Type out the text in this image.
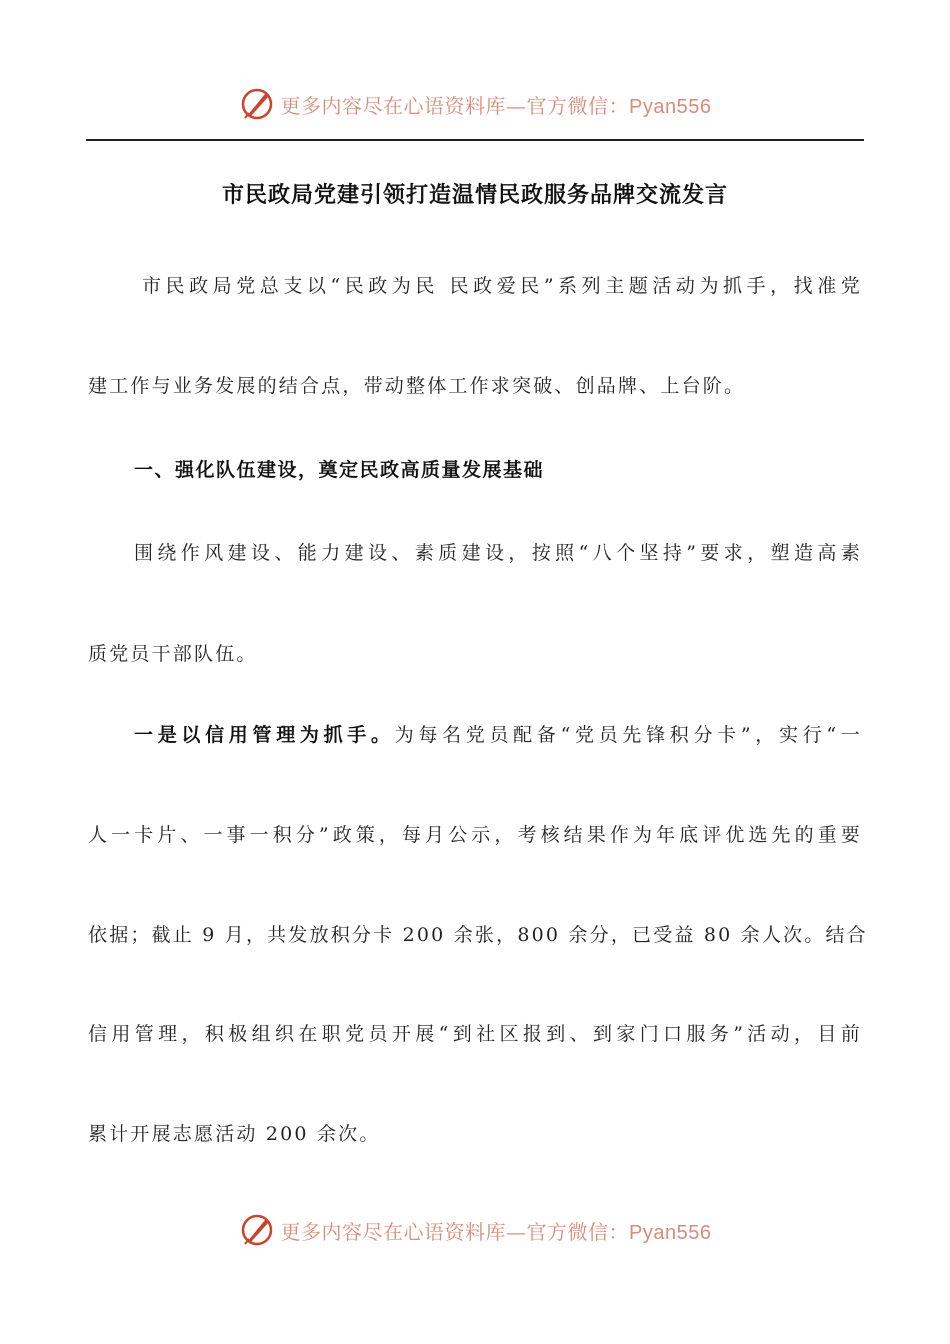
更多内容尽在心语资料库—官方微信：Pyan556
市民政局党建引领打造温情民政服务品牌交流发言
市民政局党总支以“民政为民 民政爱民”系列主题活动为抓手，找准党
建工作与业务发展的结合点，带动整体工作求突破、创品牌、上台阶。
一、强化队伍建设，奠定民政高质量发展基础
围绕作风建设、能力建设、素质建设，按照“八个坚持”要求，塑造高素
质党员干部队伍。
一是以信用管理为抓手。为每名党员配备“党员先锋积分卡”，实行“一
人一卡片、一事一积分”政策，每月公示，考核结果作为年底评优选先的重要
依据；截止 9 月，共发放积分卡 200 余张，800 余分，已受益 80 余人次。结合
信用管理，积极组织在职党员开展“到社区报到、到家门口服务”活动，目前
累计开展志愿活动 200 余次。
更多内容尽在心语资料库—官方微信：Pyan556
